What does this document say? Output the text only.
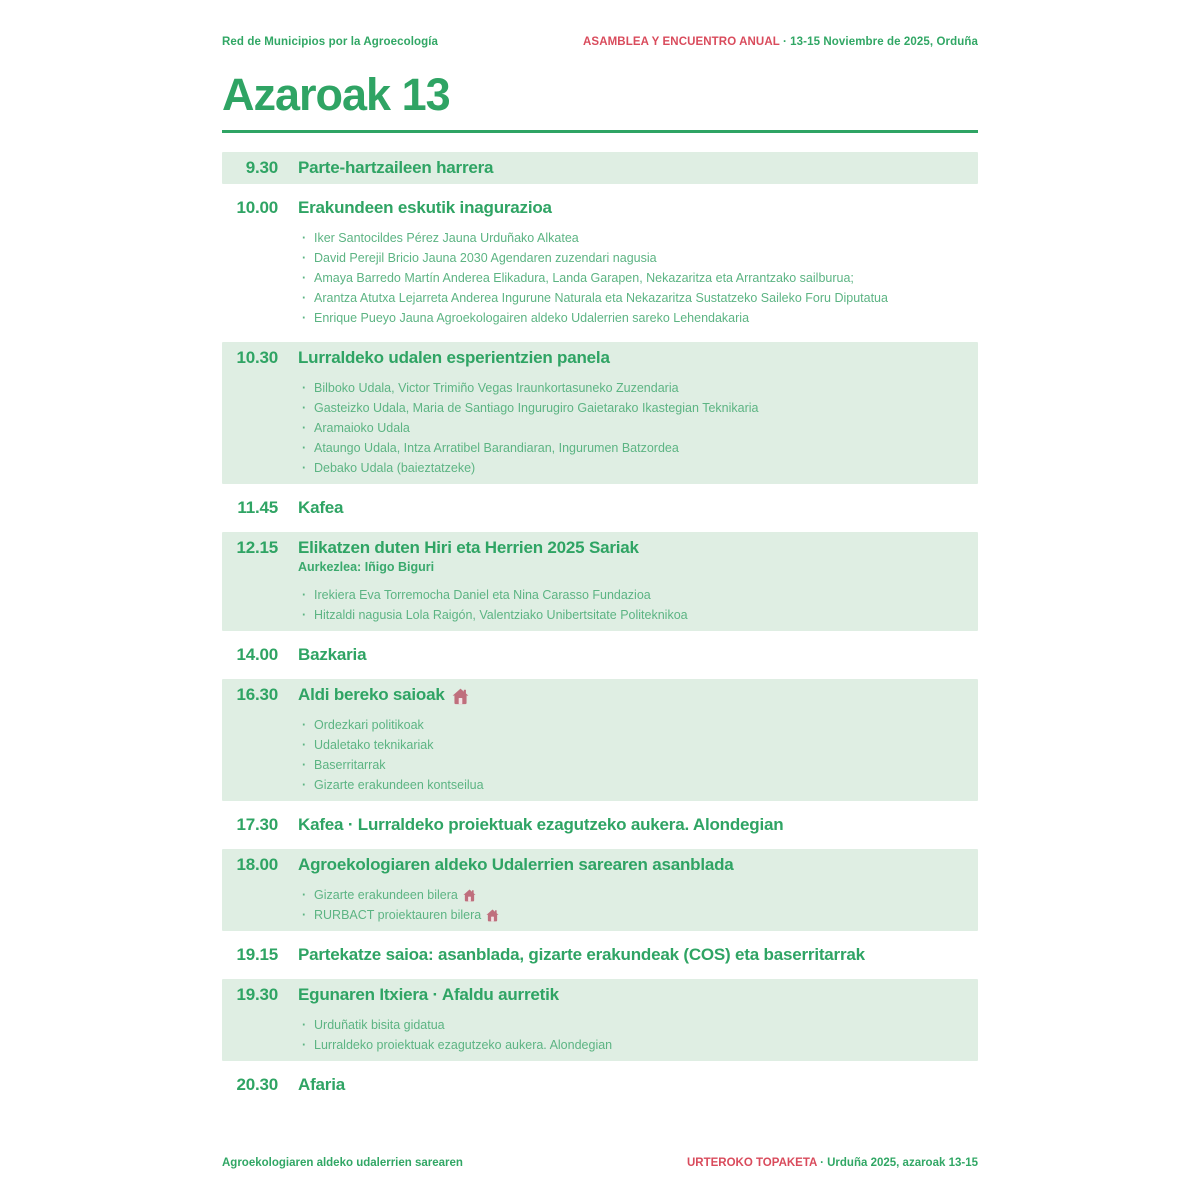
Red de Municipios por la Agroecología	ASAMBLEA Y ENCUENTRO ANUAL · 13-15 Noviembre de 2025, Orduña
Azaroak 13
9.30 Parte-hartzaileen harrera
10.00 Erakundeen eskutik inagurazioa
· Iker Santocildes Pérez Jauna Urduñako Alkatea
· David Perejil Bricio Jauna 2030 Agendaren zuzendari nagusia
· Amaya Barredo Martín Anderea Elikadura, Landa Garapen, Nekazaritza eta Arrantzako sailburua;
· Arantza Atutxa Lejarreta Anderea Ingurune Naturala eta Nekazaritza Sustatzeko Saileko Foru Diputatua
· Enrique Pueyo Jauna Agroekologairen aldeko Udalerrien sareko Lehendakaria
10.30 Lurraldeko udalen esperientzien panela
· Bilboko Udala, Victor Trimiño Vegas Iraunkortasuneko Zuzendaria
· Gasteizko Udala, Maria de Santiago Ingurugiro Gaietarako Ikastegian Teknikaria
· Aramaioko Udala
· Ataungo Udala, Intza Arratibel Barandiaran, Ingurumen Batzordea
· Debako Udala (baieztatzeke)
11.45 Kafea
12.15 Elikatzen duten Hiri eta Herrien 2025 Sariak
Aurkezlea: Iñigo Biguri
· Irekiera Eva Torremocha Daniel eta Nina Carasso Fundazioa
· Hitzaldi nagusia Lola Raigón, Valentziako Unibertsitate Politeknikoa
14.00 Bazkaria
16.30 Aldi bereko saioak
· Ordezkari politikoak
· Udaletako teknikariak
· Baserritarrak
· Gizarte erakundeen kontseilua
17.30 Kafea · Lurraldeko proiektuak ezagutzeko aukera. Alondegian
18.00 Agroekologiaren aldeko Udalerrien sarearen asanblada
· Gizarte erakundeen bilera
· RURBACT proiektauren bilera
19.15 Partekatze saioa: asanblada, gizarte erakundeak (COS) eta baserritarrak
19.30 Egunaren Itxiera · Afaldu aurretik
· Urduñatik bisita gidatua
· Lurraldeko proiektuak ezagutzeko aukera. Alondegian
20.30 Afaria
Agroekologiaren aldeko udalerrien sarearen	URTEROKO TOPAKETA · Urduña 2025, azaroak 13-15
